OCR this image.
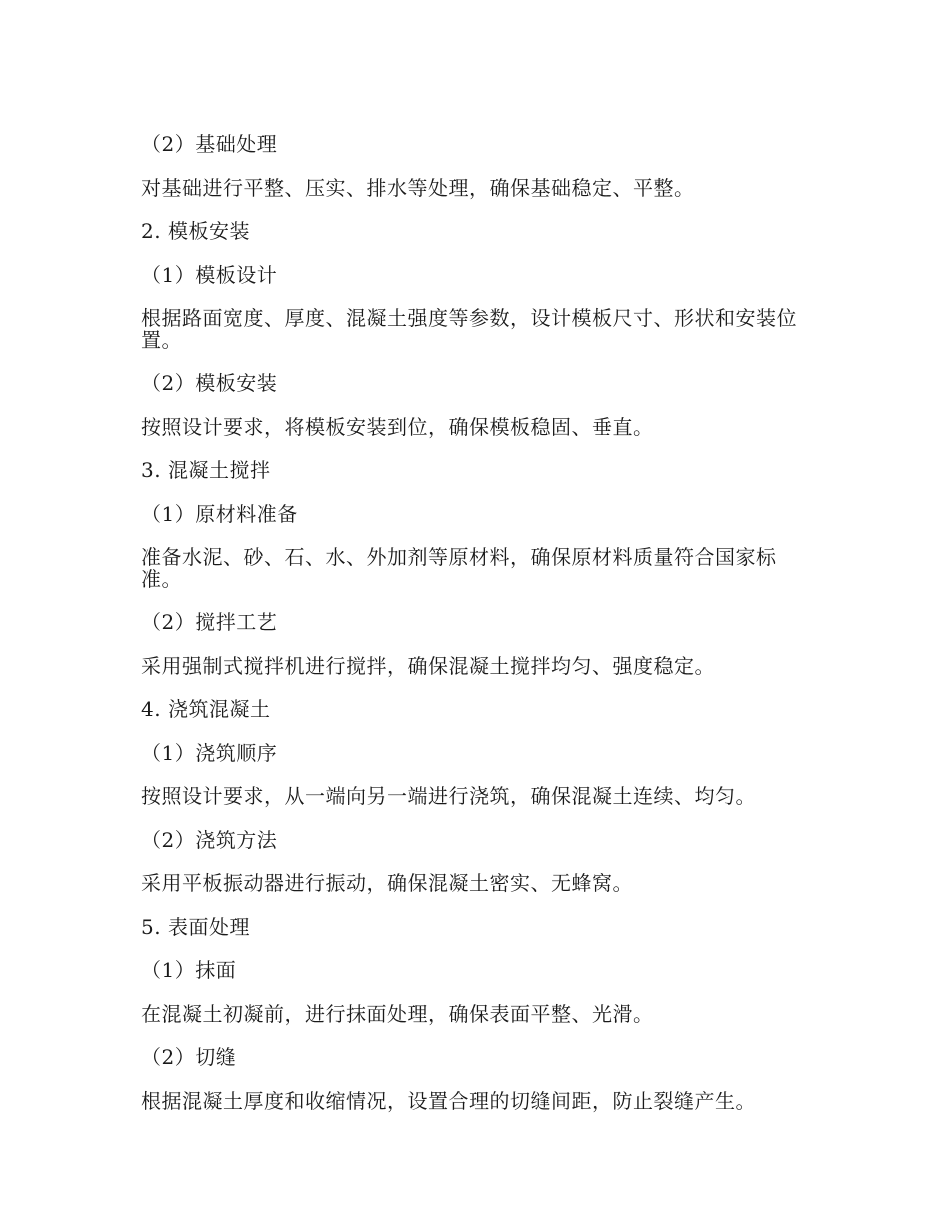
（2）基础处理
对基础进行平整、压实、排水等处理，确保基础稳定、平整。
2. 模板安装
（1）模板设计
根据路面宽度、厚度、混凝土强度等参数，设计模板尺寸、形状和安装位置。
（2）模板安装
按照设计要求，将模板安装到位，确保模板稳固、垂直。
3. 混凝土搅拌
（1）原材料准备
准备水泥、砂、石、水、外加剂等原材料，确保原材料质量符合国家标准。
（2）搅拌工艺
采用强制式搅拌机进行搅拌，确保混凝土搅拌均匀、强度稳定。
4. 浇筑混凝土
（1）浇筑顺序
按照设计要求，从一端向另一端进行浇筑，确保混凝土连续、均匀。
（2）浇筑方法
采用平板振动器进行振动，确保混凝土密实、无蜂窝。
5. 表面处理
（1）抹面
在混凝土初凝前，进行抹面处理，确保表面平整、光滑。
（2）切缝
根据混凝土厚度和收缩情况，设置合理的切缝间距，防止裂缝产生。
